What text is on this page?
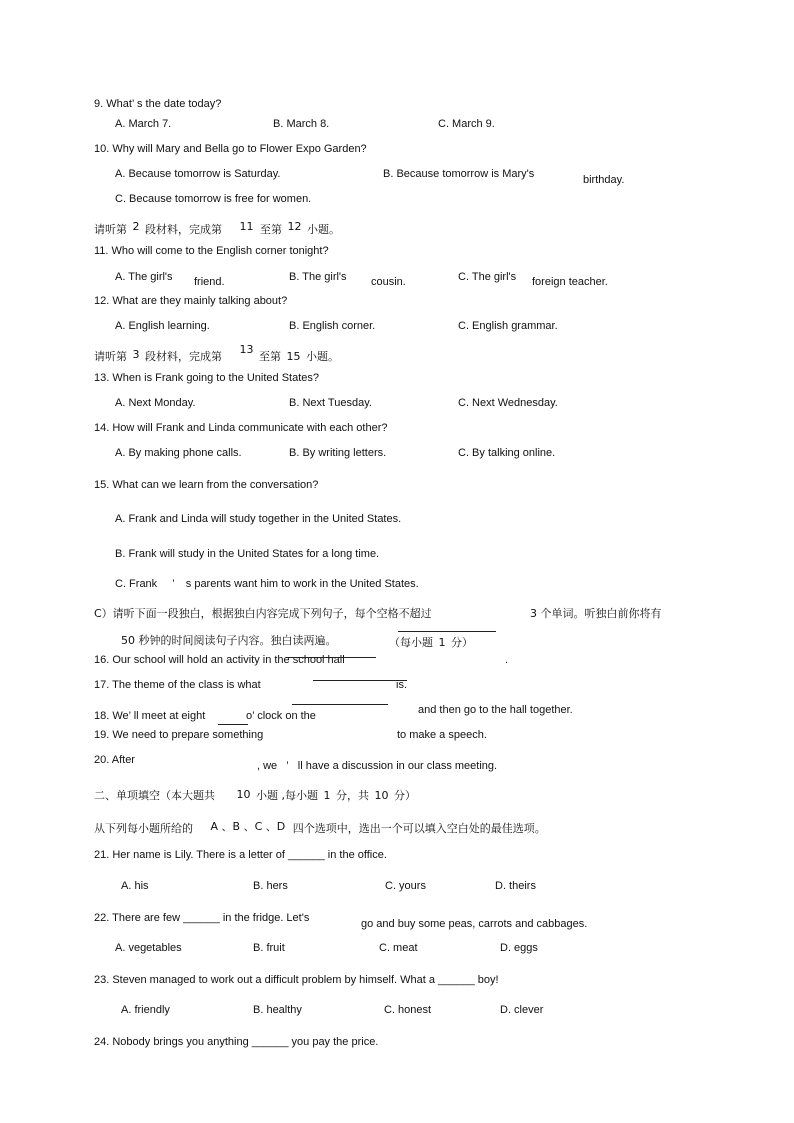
9. What’ s the date today?
A. March 7.	B. March 8.	C. March 9.
10. Why will Mary and Bella go to Flower Expo Garden?
A. Because tomorrow is Saturday.	B. Because tomorrow is Mary's	birthday.
C. Because tomorrow is free for women.
请听第 2 段材料，完成第 11 至第 12 小题。
11. Who will come to the English corner tonight?
A. The girl's friend.	B. The girl's cousin.	C. The girl's foreign teacher.
12. What are they mainly talking about?
A. English learning.	B. English corner.	C. English grammar.
请听第 3 段材料，完成第 13 至第 15 小题。
13. When is Frank going to the United States?
A. Next Monday.	B. Next Tuesday.	C. Next Wednesday.
14. How will Frank and Linda communicate with each other?
A. By making phone calls.	B. By writing letters.	C. By talking online.
15. What can we learn from the conversation?
A. Frank and Linda will study together in the United States.
B. Frank will study in the United States for a long time.
C. Frank ’ s parents want him to work in the United States.
C）请听下面一段独白，根据独白内容完成下列句子，每个空格不超过	3 个单词。听独白前你将有
50 秒钟的时间阅读句子内容。独白读两遍。	（每小题 1 分）
16. Our school will hold an activity in the school hall	.
17. The theme of the class is what	is.
18. We’ ll meet at eight	o’ clock on the	and then go to the hall together.
19. We need to prepare something	to make a speech.
20. After	, we ’ ll have a discussion in our class meeting.
二、单项填空（本大题共 10 小题 ,每小题 1 分，共 10 分）
从下列每小题所给的 A 、B 、C 、D 四个选项中，选出一个可以填入空白处的最佳选项。
21. Her name is Lily. There is a letter of ______ in the office.
A. his	B. hers	C. yours	D. theirs
22. There are few ______ in the fridge. Let's	go and buy some peas, carrots and cabbages.
A. vegetables	B. fruit	C. meat	D. eggs
23. Steven managed to work out a difficult problem by himself. What a ______ boy!
A. friendly	B. healthy	C. honest	D. clever
24. Nobody brings you anything ______ you pay the price.
